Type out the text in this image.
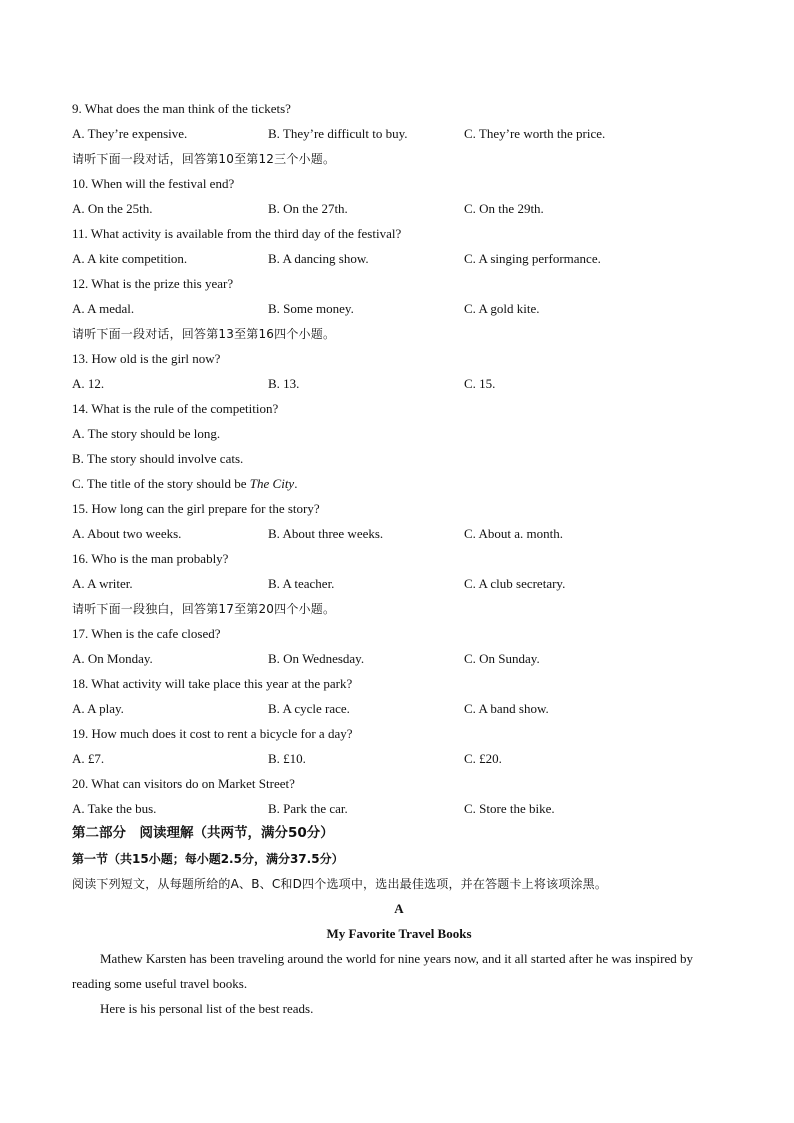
9. What does the man think of the tickets?
A. They’re expensive.	B. They’re difficult to buy.	C. They’re worth the price.
请听下面一段对话，回答第10至第12三个小题。
10. When will the festival end?
A. On the 25th.	B. On the 27th.	C. On the 29th.
11. What activity is available from the third day of the festival?
A. A kite competition.	B. A dancing show.	C. A singing performance.
12. What is the prize this year?
A. A medal.	B. Some money.	C. A gold kite.
请听下面一段对话，回答第13至第16四个小题。
13. How old is the girl now?
A. 12.	B. 13.	C. 15.
14. What is the rule of the competition?
A. The story should be long.
B. The story should involve cats.
C. The title of the story should be The City.
15. How long can the girl prepare for the story?
A. About two weeks.	B. About three weeks.	C. About a. month.
16. Who is the man probably?
A. A writer.	B. A teacher.	C. A club secretary.
请听下面一段独白，回答第17至第20四个小题。
17. When is the cafe closed?
A. On Monday.	B. On Wednesday.	C. On Sunday.
18. What activity will take place this year at the park?
A. A play.	B. A cycle race.	C. A band show.
19. How much does it cost to rent a bicycle for a day?
A. £7.	B. £10.	C. £20.
20. What can visitors do on Market Street?
A. Take the bus.	B. Park the car.	C. Store the bike.
第二部分　阅读理解（共两节，满分50分）
第一节（共15小题；每小题2.5分，满分37.5分）
阅读下列短文，从每题所给的A、B、C和D四个选项中，选出最佳选项，并在答题卡上将该项涂黑。
A
My Favorite Travel Books
Mathew Karsten has been traveling around the world for nine years now, and it all started after he was inspired by reading some useful travel books.
Here is his personal list of the best reads.
